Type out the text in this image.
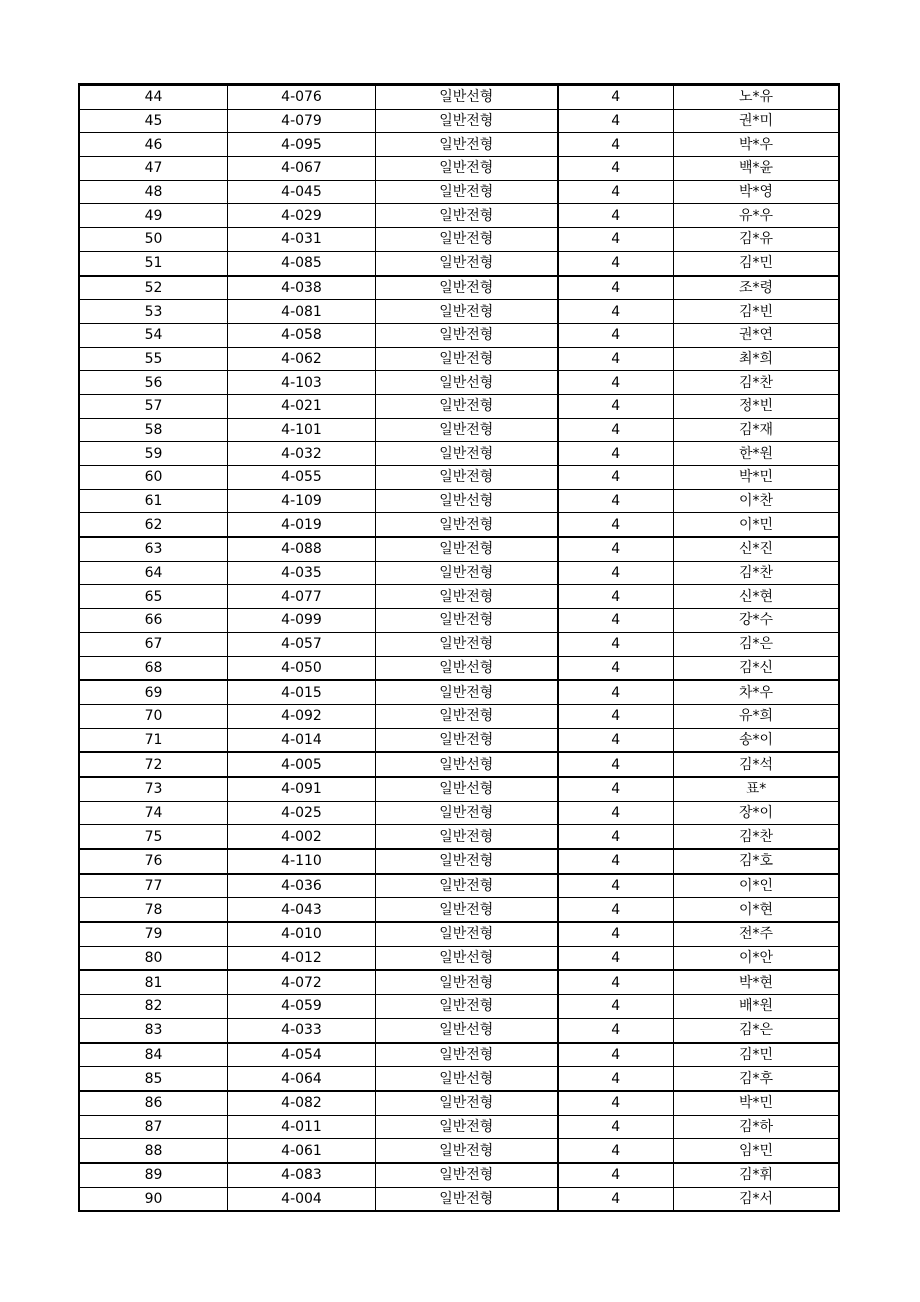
44	4-076	일반선형	4	노*유
45	4-079	일반전형	4	권*미
46	4-095	일반전형	4	박*우
47	4-067	일반전형	4	백*윤
48	4-045	일반전형	4	박*영
49	4-029	일반전형	4	유*우
50	4-031	일반전형	4	김*유
51	4-085	일반전형	4	김*민
52	4-038	일반전형	4	조*령
53	4-081	일반전형	4	김*빈
54	4-058	일반전형	4	권*연
55	4-062	일반전형	4	최*희
56	4-103	일반선형	4	김*찬
57	4-021	일반전형	4	정*빈
58	4-101	일반전형	4	김*재
59	4-032	일반전형	4	한*원
60	4-055	일반전형	4	박*민
61	4-109	일반선형	4	이*찬
62	4-019	일반전형	4	이*민
63	4-088	일반전형	4	신*진
64	4-035	일반전형	4	김*찬
65	4-077	일반전형	4	신*현
66	4-099	일반전형	4	강*수
67	4-057	일반전형	4	김*은
68	4-050	일반선형	4	김*신
69	4-015	일반전형	4	차*우
70	4-092	일반전형	4	유*희
71	4-014	일반전형	4	송*이
72	4-005	일반선형	4	김*석
73	4-091	일반선형	4	표*
74	4-025	일반전형	4	장*이
75	4-002	일반전형	4	김*찬
76	4-110	일반전형	4	김*호
77	4-036	일반전형	4	이*인
78	4-043	일반전형	4	이*현
79	4-010	일반전형	4	전*주
80	4-012	일반선형	4	이*안
81	4-072	일반전형	4	박*현
82	4-059	일반전형	4	배*원
83	4-033	일반선형	4	김*은
84	4-054	일반전형	4	김*민
85	4-064	일반선형	4	김*후
86	4-082	일반전형	4	박*민
87	4-011	일반전형	4	김*하
88	4-061	일반전형	4	임*민
89	4-083	일반전형	4	김*휘
90	4-004	일반전형	4	김*서
